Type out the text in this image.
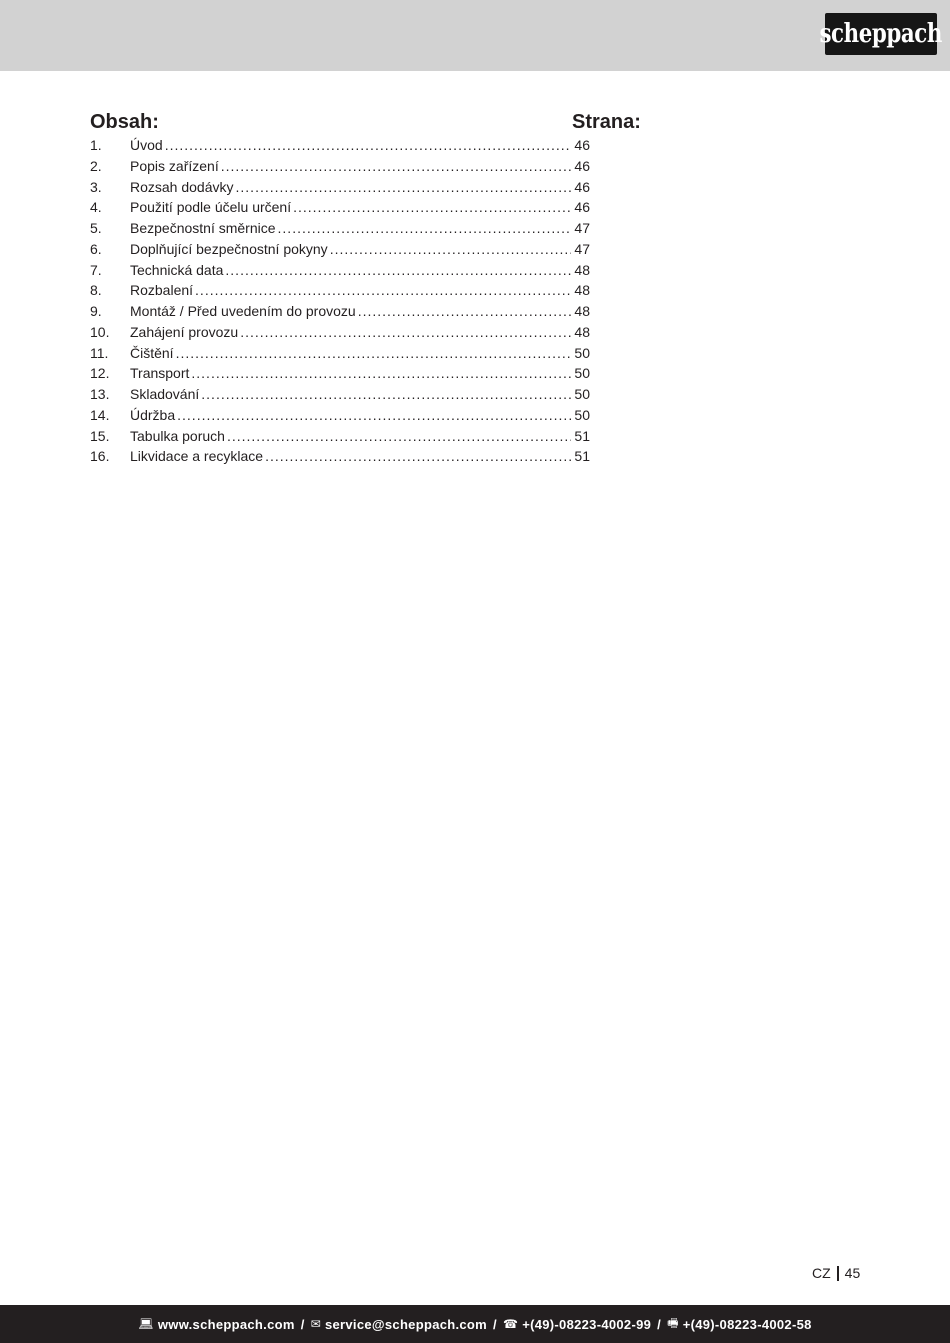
scheppach
Obsah:	Strana:
1.	Úvod .....	46
2.	Popis zařízení .....	46
3.	Rozsah dodávky .....	46
4.	Použití podle účelu určení .....	46
5.	Bezpečnostní směrnice .....	47
6.	Doplňující bezpečnostní pokyny .....	47
7.	Technická data .....	48
8.	Rozbalení .....	48
9.	Montáž / Před uvedením do provozu .....	48
10.	Zahájení provozu .....	48
11.	Čištění .....	50
12.	Transport .....	50
13.	Skladování .....	50
14.	Údržba .....	50
15.	Tabulka poruch .....	51
16.	Likvidace a recyklace .....	51
CZ 45
💻︎ www.scheppach.com / ✉︎ service@scheppach.com / ☎︎ +(49)-08223-4002-99 / 🖷︎ +(49)-08223-4002-58
